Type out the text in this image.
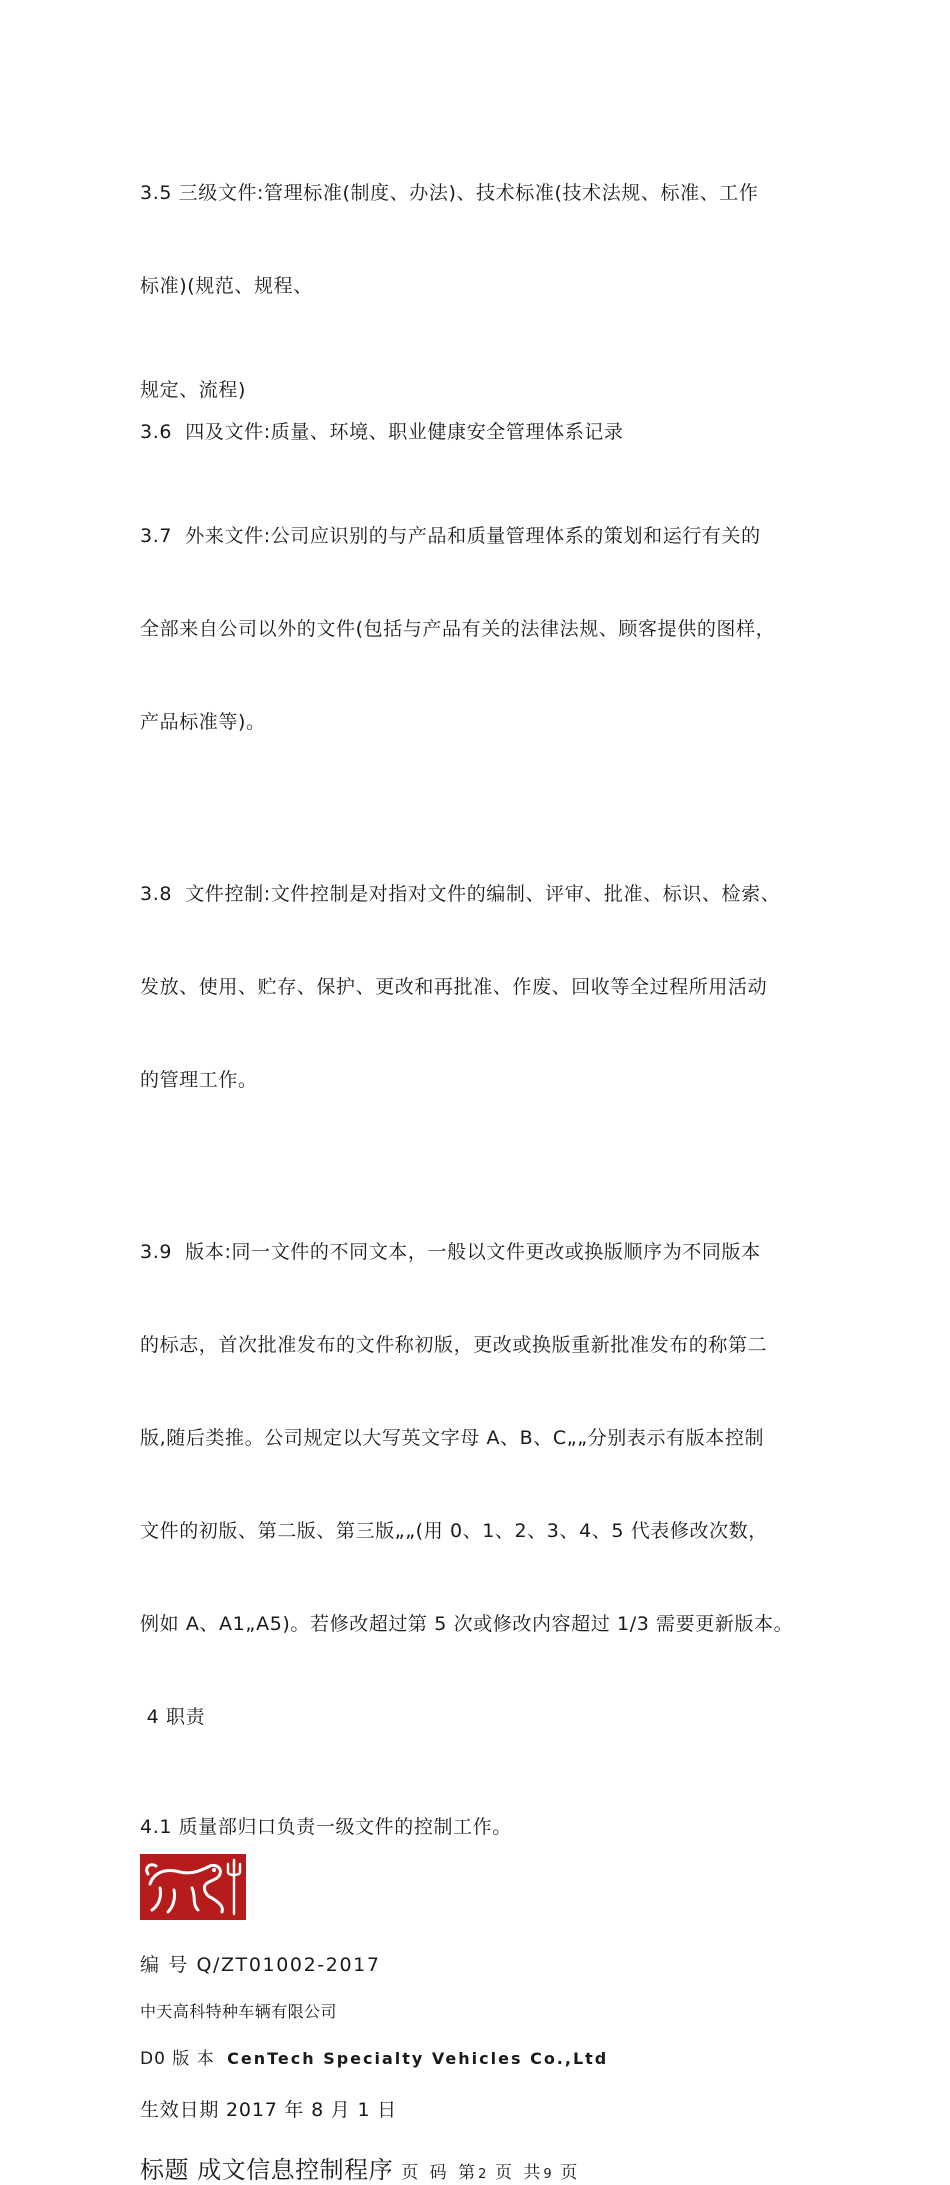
3.5 三级文件:管理标准(制度、办法)、技术标准(技术法规、标准、工作

标准)(规范、规程、

规定、流程)
3.6  四及文件:质量、环境、职业健康安全管理体系记录

3.7  外来文件:公司应识别的与产品和质量管理体系的策划和运行有关的

全部来自公司以外的文件(包括与产品有关的法律法规、顾客提供的图样，

产品标准等)。

3.8  文件控制:文件控制是对指对文件的编制、评审、批准、标识、检索、

发放、使用、贮存、保护、更改和再批准、作废、回收等全过程所用活动

的管理工作。

3.9  版本:同一文件的不同文本，一般以文件更改或换版顺序为不同版本

的标志，首次批准发布的文件称初版，更改或换版重新批准发布的称第二

版,随后类推。公司规定以大写英文字母 A、B、C„„分别表示有版本控制

文件的初版、第二版、第三版„„(用 0、1、2、3、4、5 代表修改次数，

例如 A、A1„A5)。若修改超过第 5 次或修改内容超过 1/3 需要更新版本。

4 职责

4.1 质量部归口负责一级文件的控制工作。
编 号 Q/ZT01002-2017
中天高科特种车辆有限公司
D0 版 本 CenTech Specialty Vehicles Co.,Ltd
生效日期 2017 年 8 月 1 日
标题 成文信息控制程序 页 码 第2 页 共9 页
